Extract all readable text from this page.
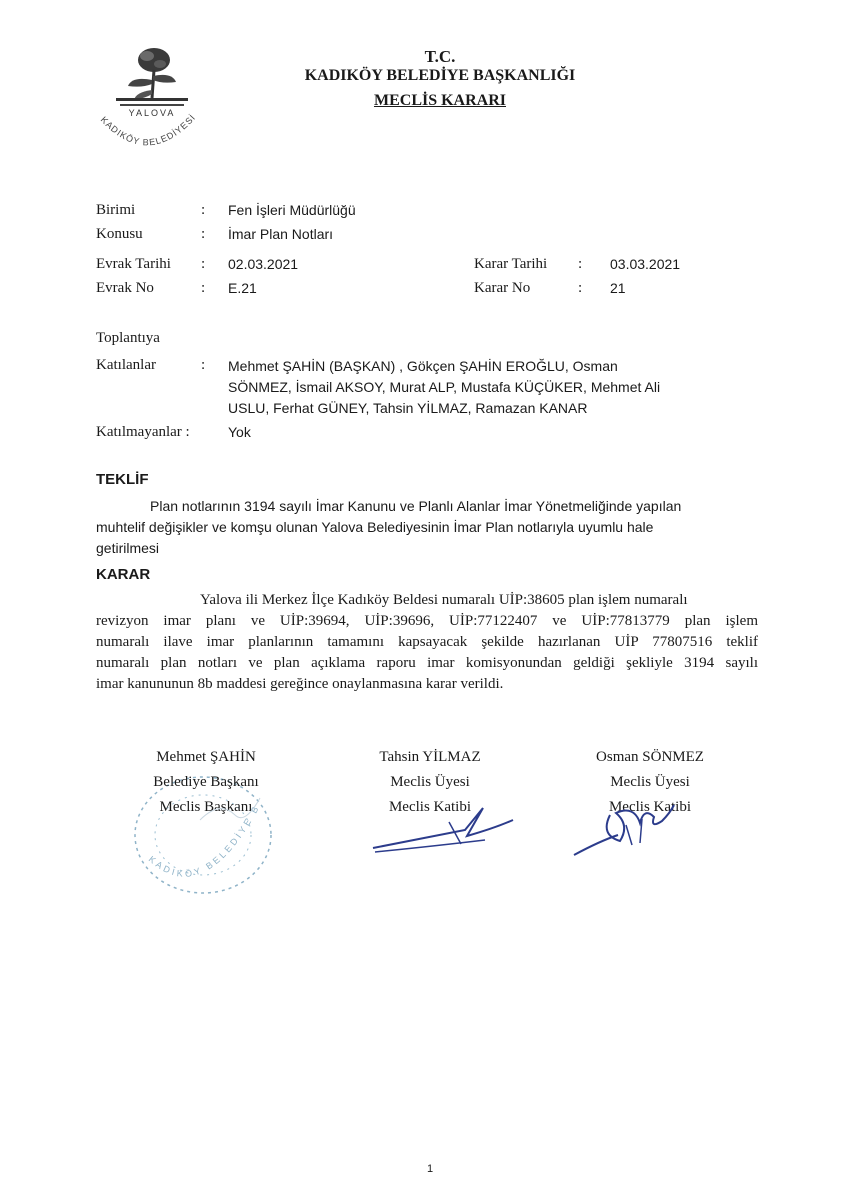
YALOVA
KADIKÖY BELEDİYESİ
T.C.
KADIKÖY BELEDİYE BAŞKANLIĞI
MECLİS KARARI
Birimi	: Fen İşleri Müdürlüğü
Konusu	: İmar Plan Notları
Evrak Tarihi : 02.03.2021
Evrak No	: E.21
Karar Tarihi : 03.03.2021
Karar No	: 21
Toplantıya
Katılanlar	: Mehmet ŞAHİN (BAŞKAN) , Gökçen ŞAHİN EROĞLU, Osman
SÖNMEZ, İsmail AKSOY, Murat ALP, Mustafa KÜÇÜKER, Mehmet Ali
USLU, Ferhat GÜNEY, Tahsin YİLMAZ, Ramazan KANAR
Katılmayanlar :	Yok
TEKLİF
Plan notlarının 3194 sayılı İmar Kanunu ve Planlı Alanlar İmar Yönetmeliğinde yapılan
muhtelif değişikler ve komşu olunan Yalova Belediyesinin İmar Plan notlarıyla uyumlu hale
getirilmesi
KARAR
Yalova ili Merkez İlçe Kadıköy Beldesi numaralı UİP:38605 plan işlem numaralı
revizyon imar planı ve UİP:39694, UİP:39696, UİP:77122407 ve UİP:77813779 plan işlem
numaralı ilave imar planlarının tamamını kapsayacak şekilde hazırlanan UİP 77807516 teklif
numaralı plan notları ve plan açıklama raporu imar komisyonundan geldiği şekliyle 3194 sayılı
imar kanununun 8b maddesi gereğince onaylanmasına karar verildi.
KADIKÖY BELEDİYE B
Mehmet ŞAHİN
Belediye Başkanı
Meclis Başkanı
Tahsin YİLMAZ
Meclis Üyesi
Meclis Katibi
Osman SÖNMEZ
Meclis Üyesi
Meclis Katibi
1
